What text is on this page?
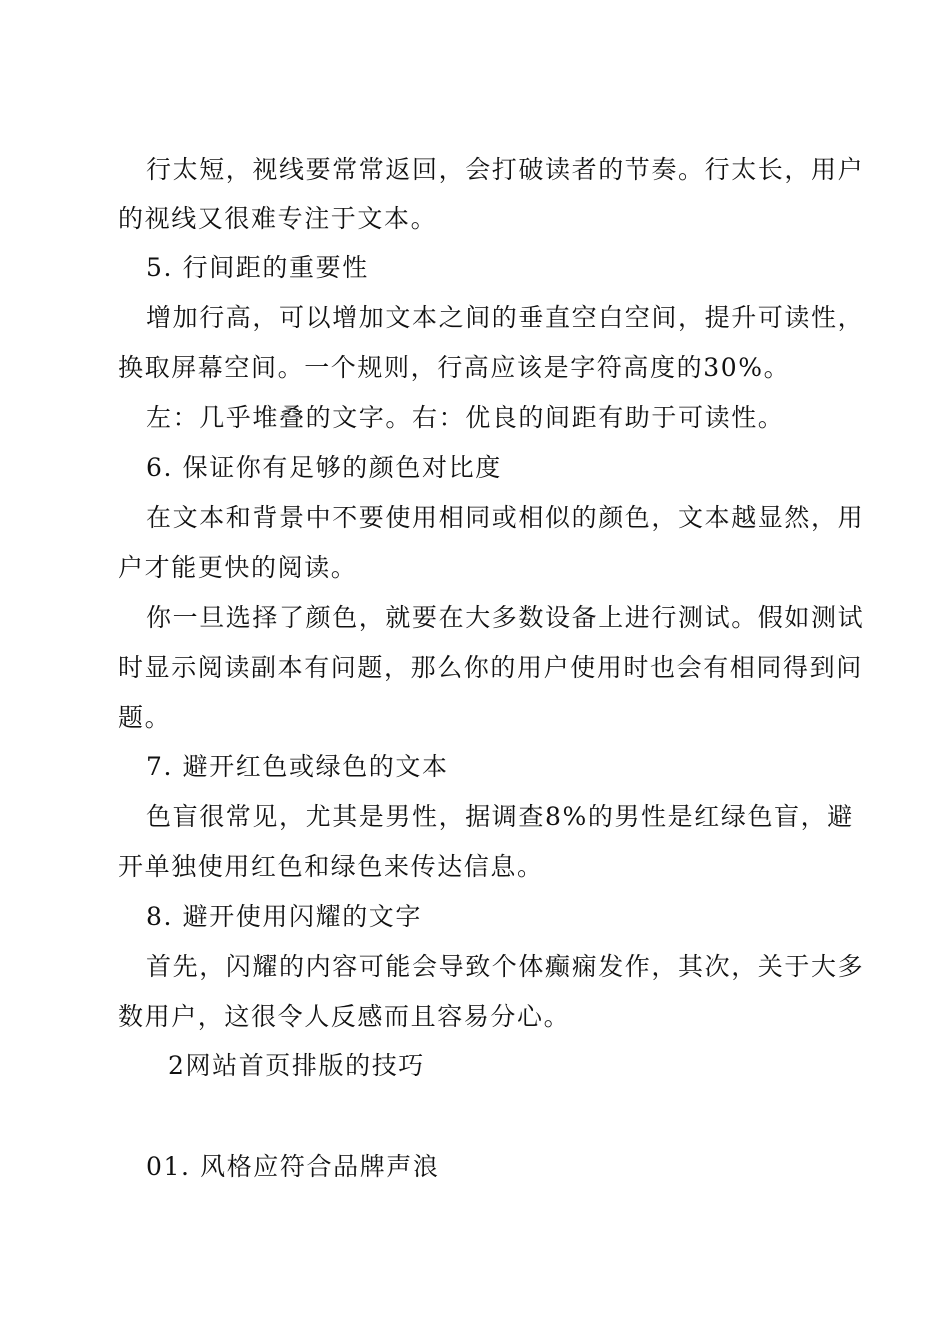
行太短，视线要常常返回，会打破读者的节奏。行太长，用户
的视线又很难专注于文本。
5. 行间距的重要性
增加行高，可以增加文本之间的垂直空白空间，提升可读性，
换取屏幕空间。一个规则，行高应该是字符高度的30%。
左：几乎堆叠的文字。右：优良的间距有助于可读性。
6. 保证你有足够的颜色对比度
在文本和背景中不要使用相同或相似的颜色，文本越显然，用
户才能更快的阅读。
你一旦选择了颜色，就要在大多数设备上进行测试。假如测试
时显示阅读副本有问题，那么你的用户使用时也会有相同得到问
题。
7. 避开红色或绿色的文本
色盲很常见，尤其是男性，据调查8%的男性是红绿色盲，避
开单独使用红色和绿色来传达信息。
8. 避开使用闪耀的文字
首先，闪耀的内容可能会导致个体癫痫发作，其次，关于大多
数用户，这很令人反感而且容易分心。
2网站首页排版的技巧
01. 风格应符合品牌声浪
